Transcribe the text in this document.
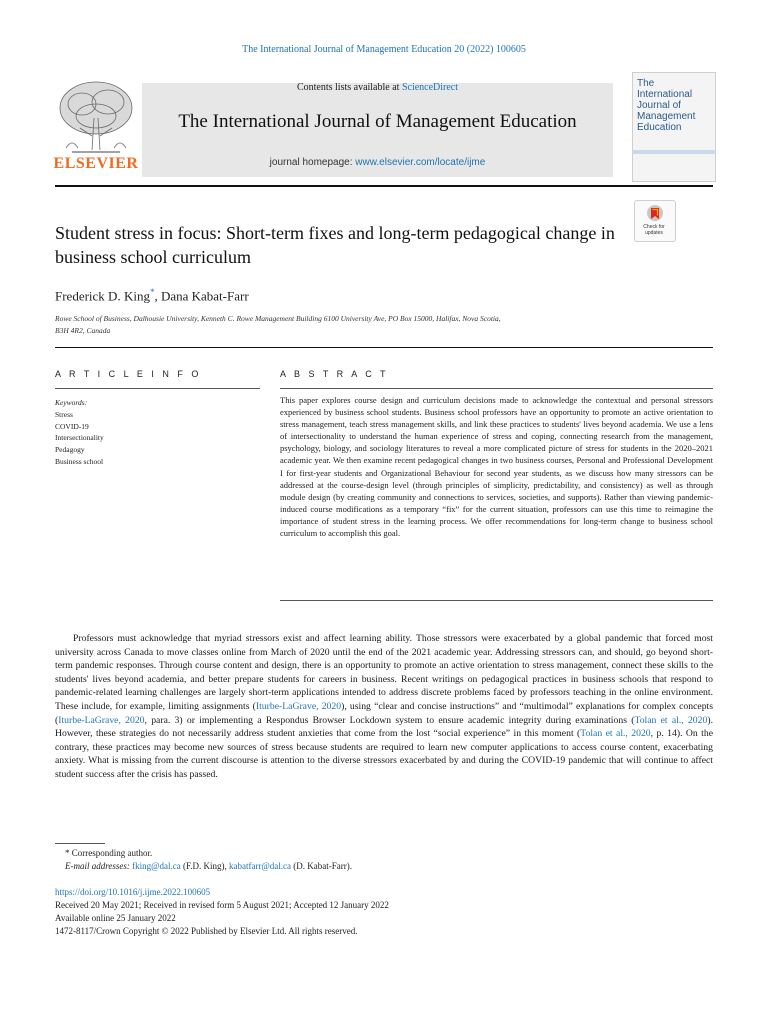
The International Journal of Management Education 20 (2022) 100605
Contents lists available at ScienceDirect
The International Journal of Management Education
journal homepage: www.elsevier.com/locate/ijme
ELSEVIER
The International
Journal of
Management
Education
Check for updates
Student stress in focus: Short-term fixes and long-term pedagogical change in business school curriculum
Frederick D. King*, Dana Kabat-Farr
Rowe School of Business, Dalhousie University, Kenneth C. Rowe Management Building 6100 University Ave, PO Box 15000, Halifax, Nova Scotia,
B3H 4R2, Canada
A R T I C L E I N F O	A B S T R A C T
Keywords:
Stress
COVID-19
Intersectionality
Pedagogy
Business school
This paper explores course design and curriculum decisions made to acknowledge the contextual and personal stressors experienced by business school students. Business school professors have an opportunity to promote an active orientation to stress management, teach stress management skills, and link these practices to students' lives beyond academia. We use a lens of intersectionality to understand the human experience of stress and coping, connecting research from the management, psychology, biology, and sociology literatures to reveal a more complicated picture of stress for students in the 2020–2021 academic year. We then examine recent pedagogical changes in two business courses, Personal and Professional Development I for first-year students and Organizational Behaviour for second year students, as we discuss how many stressors can be addressed at the course-design level (through principles of simplicity, predictability, and consistency) as well as through module design (by creating community and connections to services, societies, and supports). Rather than viewing pandemic-induced course modifications as a temporary “fix” for the current situation, professors can use this time to reimagine the importance of student stress in the learning process. We offer recommendations for long-term change to business school curriculum to accomplish this goal.
Professors must acknowledge that myriad stressors exist and affect learning ability. Those stressors were exacerbated by a global pandemic that forced most university across Canada to move classes online from March of 2020 until the end of the 2021 academic year. Addressing stressors can, and should, go beyond short-term pandemic responses. Through course content and design, there is an opportunity to promote an active orientation to stress management, connect these skills to the students' lives beyond academia, and better prepare students for careers in business. Recent writings on pedagogical practices in business schools that respond to pandemic-related learning challenges are largely short-term applications intended to address discrete problems faced by professors teaching in the online environment. These include, for example, limiting assignments (Iturbe-LaGrave, 2020), using “clear and concise instructions” and “multimodal” explanations for complex concepts (Iturbe-LaGrave, 2020, para. 3) or implementing a Respondus Browser Lockdown system to ensure academic integrity during examinations (Tolan et al., 2020). However, these strategies do not necessarily address student anxieties that come from the lost “social experience” in this moment (Tolan et al., 2020, p. 14). On the contrary, these practices may become new sources of stress because students are required to learn new computer applications to access course content, exacerbating anxiety. What is missing from the current discourse is attention to the diverse stressors exacerbated by and during the COVID-19 pandemic that will continue to affect student success after the crisis has passed.
* Corresponding author.
E-mail addresses: fking@dal.ca (F.D. King), kabatfarr@dal.ca (D. Kabat-Farr).
https://doi.org/10.1016/j.ijme.2022.100605
Received 20 May 2021; Received in revised form 5 August 2021; Accepted 12 January 2022
Available online 25 January 2022
1472-8117/Crown Copyright © 2022 Published by Elsevier Ltd. All rights reserved.
